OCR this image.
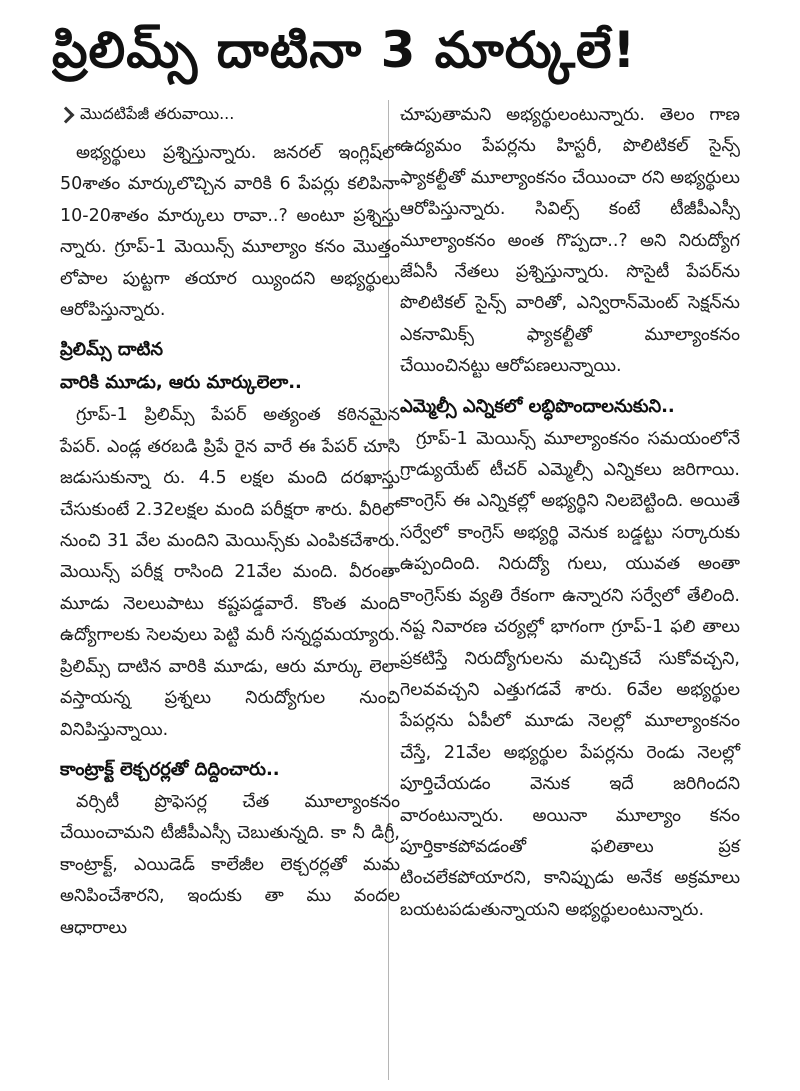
ప్రిలిమ్స్ దాటినా 3 మార్కులే!
మొదటిపేజీ తరువాయి...

అభ్యర్థులు ప్రశ్నిస్తున్నారు. జనరల్ ఇంగ్లిష్‌లో 50శాతం మార్కులొచ్చిన వారికి 6 పేపర్లు కలిపినా 10-20శాతం మార్కులు రావా..? అంటూ ప్రశ్నిస్తు న్నారు. గ్రూప్-1 మెయిన్స్ మూల్యాం కనం మొత్తం లోపాల పుట్టగా తయార య్యిందని అభ్యర్థులు ఆరోపిస్తున్నారు.

ప్రిలిమ్స్ దాటిన
వారికి మూడు, ఆరు మార్కులెలా..

గ్రూప్-1 ప్రిలిమ్స్ పేపర్ అత్యంత కఠినమైన పేపర్. ఎండ్ల తరబడి ప్రిపే రైన వారే ఈ పేపర్ చూసి జడుసుకున్నా రు. 4.5 లక్షల మంది దరఖాస్తు చేసుకుంటే 2.32లక్షల మంది పరీక్షరా శారు. వీరిలో నుంచి 31 వేల మందిని మెయిన్స్‌కు ఎంపికచేశారు. మెయిన్స్ పరీక్ష రాసింది 21వేల మంది. వీరంతా మూడు నెలలుపాటు కష్టపడ్డవారే. కొంత మంది ఉద్యోగాలకు సెలవులు పెట్టి మరీ సన్నద్ధమయ్యారు. ప్రిలిమ్స్ దాటిన వారికి మూడు, ఆరు మార్కు లెలా వస్తాయన్న ప్రశ్నలు నిరుద్యోగుల నుంచి వినిపిస్తున్నాయి.

కాంట్రాక్ట్ లెక్చరర్లతో దిద్దించారు..

వర్సిటీ ప్రొఫెసర్ల చేత మూల్యాంకనం చేయించామని టీజీపీఎస్సీ చెబుతున్నది. కా నీ డిగ్రీ, కాంట్రాక్ట్, ఎయిడెడ్ కాలేజీల లెక్చరర్లతో మమ అనిపించేశారని, ఇందుకు తా ము వందల ఆధారాలు

చూపుతామని అభ్యర్థులంటున్నారు. తెలం గాణ ఉద్యమం పేపర్లను హిస్టరీ, పొలిటికల్ సైన్స్ ఫ్యాకల్టీతో మూల్యాంకనం చేయించా రని అభ్యర్థులు ఆరోపిస్తున్నారు. సివిల్స్ కంటే టీజీపీఎస్సీ మూల్యాంకనం అంత గొప్పదా..? అని నిరుద్యోగ జేఏసీ నేతలు ప్రశ్నిస్తున్నారు. సొసైటీ పేపర్‌ను పొలిటికల్ సైన్స్ వారితో, ఎన్విరాన్‌మెంట్ సెక్షన్‌ను ఎకనామిక్స్ ఫ్యాకల్టీతో మూల్యాంకనం చేయించినట్టు ఆరోపణలున్నాయి.

ఎమ్మెల్సీ ఎన్నికలో లబ్ధిపొందాలనుకుని..

గ్రూప్-1 మెయిన్స్ మూల్యాంకనం సమయంలోనే గ్రాడ్యుయేట్ టీచర్ ఎమ్మెల్సీ ఎన్నికలు జరిగాయి. కాంగ్రెస్ ఈ ఎన్నికల్లో అభ్యర్థిని నిలబెట్టింది. అయితే సర్వేలో కాంగ్రెస్ అభ్యర్థి వెనుక బడ్డట్టు సర్కారుకు ఉప్పందింది. నిరుద్యో గులు, యువత అంతా కాంగ్రెస్‌కు వ్యతి రేకంగా ఉన్నారని సర్వేలో తేలింది. నష్ట నివారణ చర్యల్లో భాగంగా గ్రూప్-1 ఫలి తాలు ప్రకటిస్తే నిరుద్యోగులను మచ్చికచే సుకోవచ్చని, గెలవవచ్చని ఎత్తుగడవే శారు. 6వేల అభ్యర్థుల పేపర్లను ఏపీలో మూడు నెలల్లో మూల్యాంకనం చేస్తే, 21వేల అభ్యర్థుల పేపర్లను రెండు నెలల్లో పూర్తిచేయడం వెనుక ఇదే జరిగిందని వారంటున్నారు. అయినా మూల్యాం కనం పూర్తికాకపోవడంతో ఫలితాలు ప్రక టించలేకపోయారని, కానిప్పుడు అనేక అక్రమాలు బయటపడుతున్నాయని అభ్యర్థులంటున్నారు.
